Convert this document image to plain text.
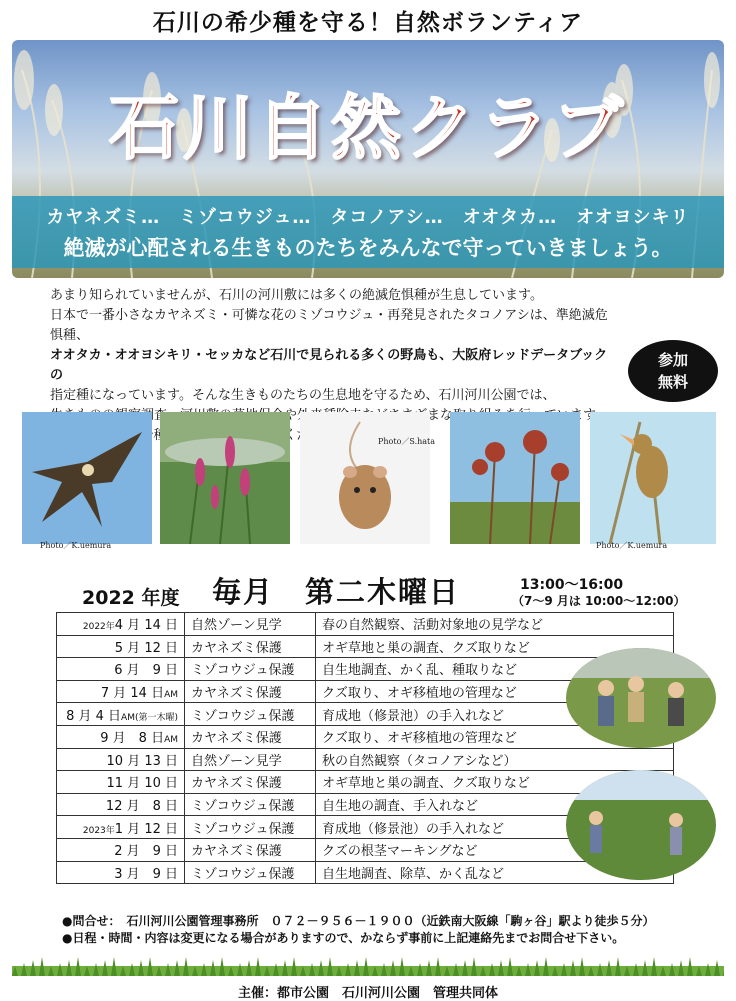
石川の希少種を守る！自然ボランティア
石川自然クラブ
カヤネズミ…　ミゾコウジュ…　タコノアシ…　オオタカ…　オオヨシキリ
絶滅が心配される生きものたちをみんなで守っていきましょう。

あまり知られていませんが、石川の河川敷には多くの絶滅危惧種が生息しています。

日本で一番小さなカヤネズミ・可憐な花のミゾコウジュ・再発見されたタコノアシは、準絶滅危惧種、

オオタカ・オオヨシキリ・セッカなど石川で見られる多くの野鳥も、大阪府レッドデータブックの

指定種になっています。そんな生きものたちの生息地を守るため、石川河川公園では、

参加
無料
Photo／K.uemura
Photo／S.hata
Photo／K.uemura
2022 年度 毎月　第二木曜日	13:00〜16:00
（7〜9 月は 10:00〜12:00）
2022年4 月 14 日	自然ゾーン見学	春の自然観察、活動対象地の見学など
5 月 12 日	カヤネズミ保護	オギ草地と巣の調査、クズ取りなど
6 月　9 日	ミゾコウジュ保護	自生地調査、かく乱、種取りなど
7 月 14 日AM	カヤネズミ保護	クズ取り、オギ移植地の管理など
8 月 4 日AM(第一木曜)	ミゾコウジュ保護	育成地（修景池）の手入れなど
9 月　8 日AM	カヤネズミ保護	クズ取り、オギ移植地の管理など
10 月 13 日	自然ゾーン見学	秋の自然観察（タコノアシなど）
11 月 10 日	カヤネズミ保護	オギ草地と巣の調査、クズ取りなど
12 月　8 日	ミゾコウジュ保護	自生地の調査、手入れなど
2023年1 月 12 日	ミゾコウジュ保護	育成地（修景池）の手入れなど
2 月　9 日	カヤネズミ保護	クズの根茎マーキングなど
3 月　9 日	ミゾコウジュ保護	自生地調査、除草、かく乱など
●問合せ：　石川河川公園管理事務所　０７２－９５６－１９００（近鉄南大阪線「駒ヶ谷」駅より徒歩５分）
●日程・時間・内容は変更になる場合がありますので、かならず事前に上記連絡先までお問合せ下さい。
主催：都市公園　石川河川公園　管理共同体
